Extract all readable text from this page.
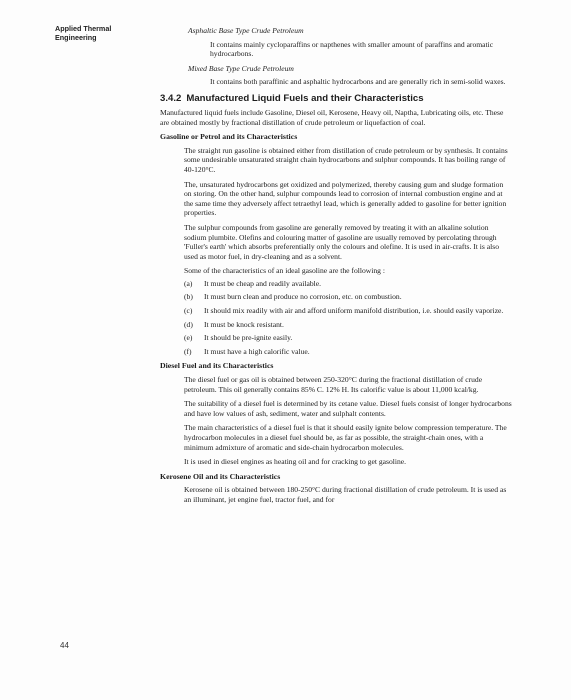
Applied Thermal Engineering

Asphaltic Base Type Crude Petroleum

It contains mainly cycloparaffins or napthenes with smaller amount of paraffins and aromatic hydrocarbons.

Mixed Base Type Crude Petroleum

It contains both paraffinic and asphaltic hydrocarbons and are generally rich in semi-solid waxes.

3.4.2 Manufactured Liquid Fuels and their Characteristics

Manufactured liquid fuels include Gasoline, Diesel oil, Kerosene, Heavy oil, Naptha, Lubricating oils, etc. These are obtained mostly by fractional distillation of crude petroleum or liquefaction of coal.

Gasoline or Petrol and its Characteristics

The straight run gasoline is obtained either from distillation of crude petroleum or by synthesis. It contains some undesirable unsaturated straight chain hydrocarbons and sulphur compounds. It has boiling range of 40-120°C.

The, unsaturated hydrocarbons get oxidized and polymerized, thereby causing gum and sludge formation on storing. On the other hand, sulphur compounds lead to corrosion of internal combustion engine and at the same time they adversely affect tetraethyl lead, which is generally added to gasoline for better ignition properties.

The sulphur compounds from gasoline are generally removed by treating it with an alkaline solution sodium plumbite. Olefins and colouring matter of gasoline are usually removed by percolating through 'Fuller's earth' which absorbs preferentially only the colours and olefine. It is used in air-crafts. It is also used as motor fuel, in dry-cleaning and as a solvent.

Some of the characteristics of an ideal gasoline are the following :

(a) It must be cheap and readily available.
(b) It must burn clean and produce no corrosion, etc. on combustion.
(c) It should mix readily with air and afford uniform manifold distribution, i.e. should easily vaporize.
(d) It must be knock resistant.
(e) It should be pre-ignite easily.
(f) It must have a high calorific value.

Diesel Fuel and its Characteristics

The diesel fuel or gas oil is obtained between 250-320°C during the fractional distillation of crude petroleum. This oil generally contains 85% C. 12% H. Its calorific value is about 11,000 kcal/kg.

The suitability of a diesel fuel is determined by its cetane value. Diesel fuels consist of longer hydrocarbons and have low values of ash, sediment, water and sulphalt contents.

The main characteristics of a diesel fuel is that it should easily ignite below compression temperature. The hydrocarbon molecules in a diesel fuel should be, as far as possible, the straight-chain ones, with a minimum admixture of aromatic and side-chain hydrocarbon molecules.

It is used in diesel engines as heating oil and for cracking to get gasoline.

Kerosene Oil and its Characteristics

Kerosene oil is obtained between 180-250°C during fractional distillation of crude petroleum. It is used as an illuminant, jet engine fuel, tractor fuel, and for

44
